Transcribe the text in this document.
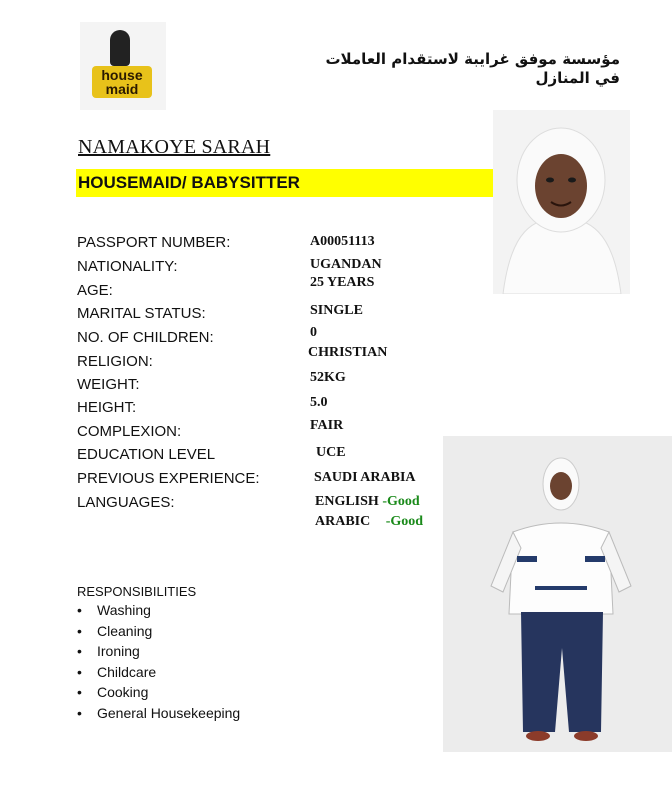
house maid
مؤسسة موفق غرايبة لاستقدام العاملات في المنازل
NAMAKOYE SARAH
HOUSEMAID/ BABYSITTER
PASSPORT NUMBER:	A00051113
NATIONALITY:	UGANDAN
AGE:	25 YEARS
MARITAL STATUS:	SINGLE
NO. OF CHILDREN:	0
RELIGION:
CHRISTIAN
WEIGHT:	52KG
HEIGHT:	5.0
COMPLEXION:	FAIR
EDUCATION LEVEL	UCE
PREVIOUS EXPERIENCE:	SAUDI ARABIA
LANGUAGES:	ENGLISH -Good
ARABIC -Good
RESPONSIBILITIES
• Washing
• Cleaning
• Ironing
• Childcare
• Cooking
• General Housekeeping
